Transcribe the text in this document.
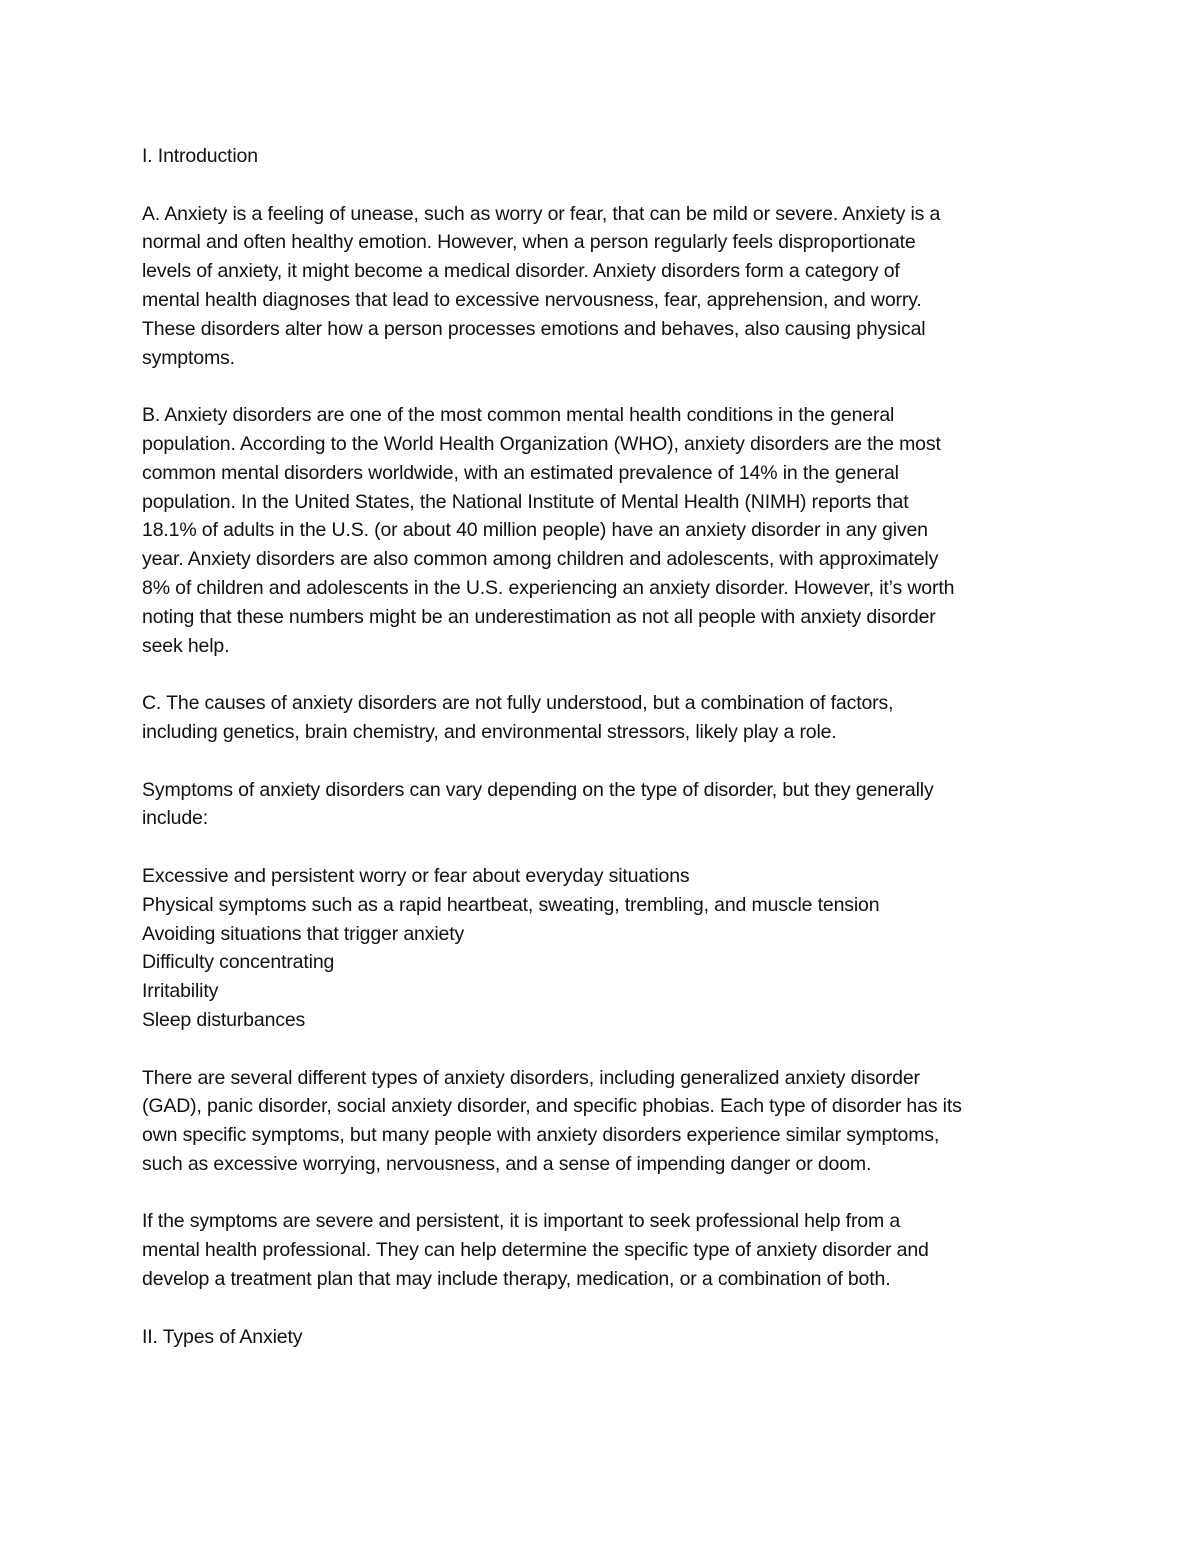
I. Introduction
A. Anxiety is a feeling of unease, such as worry or fear, that can be mild or severe. Anxiety is a
normal and often healthy emotion. However, when a person regularly feels disproportionate
levels of anxiety, it might become a medical disorder. Anxiety disorders form a category of
mental health diagnoses that lead to excessive nervousness, fear, apprehension, and worry.
These disorders alter how a person processes emotions and behaves, also causing physical
symptoms.
B. Anxiety disorders are one of the most common mental health conditions in the general
population. According to the World Health Organization (WHO), anxiety disorders are the most
common mental disorders worldwide, with an estimated prevalence of 14% in the general
population. In the United States, the National Institute of Mental Health (NIMH) reports that
18.1% of adults in the U.S. (or about 40 million people) have an anxiety disorder in any given
year. Anxiety disorders are also common among children and adolescents, with approximately
8% of children and adolescents in the U.S. experiencing an anxiety disorder. However, it’s worth
noting that these numbers might be an underestimation as not all people with anxiety disorder
seek help.
C. The causes of anxiety disorders are not fully understood, but a combination of factors,
including genetics, brain chemistry, and environmental stressors, likely play a role.
Symptoms of anxiety disorders can vary depending on the type of disorder, but they generally
include:
Excessive and persistent worry or fear about everyday situations
Physical symptoms such as a rapid heartbeat, sweating, trembling, and muscle tension
Avoiding situations that trigger anxiety
Difficulty concentrating
Irritability
Sleep disturbances
There are several different types of anxiety disorders, including generalized anxiety disorder
(GAD), panic disorder, social anxiety disorder, and specific phobias. Each type of disorder has its
own specific symptoms, but many people with anxiety disorders experience similar symptoms,
such as excessive worrying, nervousness, and a sense of impending danger or doom.
If the symptoms are severe and persistent, it is important to seek professional help from a
mental health professional. They can help determine the specific type of anxiety disorder and
develop a treatment plan that may include therapy, medication, or a combination of both.
II. Types of Anxiety
